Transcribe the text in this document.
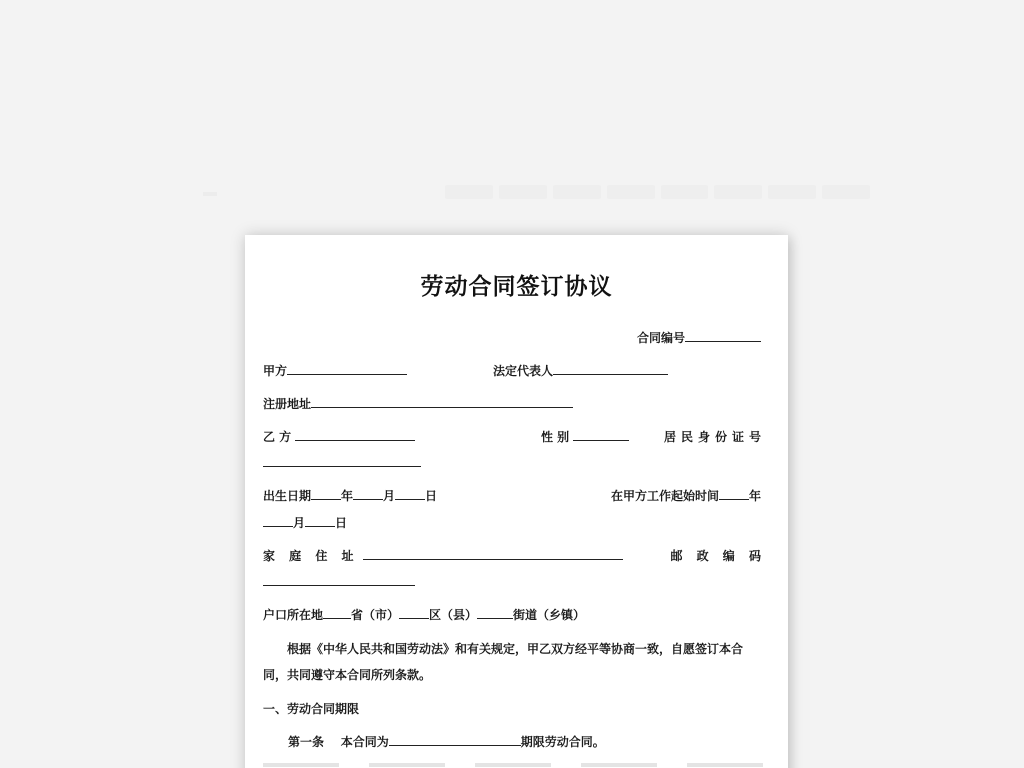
劳动合同签订协议
合同编号
甲方	法定代表人
注册地址
乙 方	性 别	居民身份证号
出生日期	年	月	日	在甲方工作起始时间	年
月	日
家 庭 住 址	邮 政 编 码
户口所在地 省（市）	区（县）	街道（乡镇）
根据《中华人民共和国劳动法》和有关规定，甲乙双方经平等协商一致，自愿签订本合同，共同遵守本合同所列条款。
一、劳动合同期限
第一条 本合同为	期限劳动合同。
